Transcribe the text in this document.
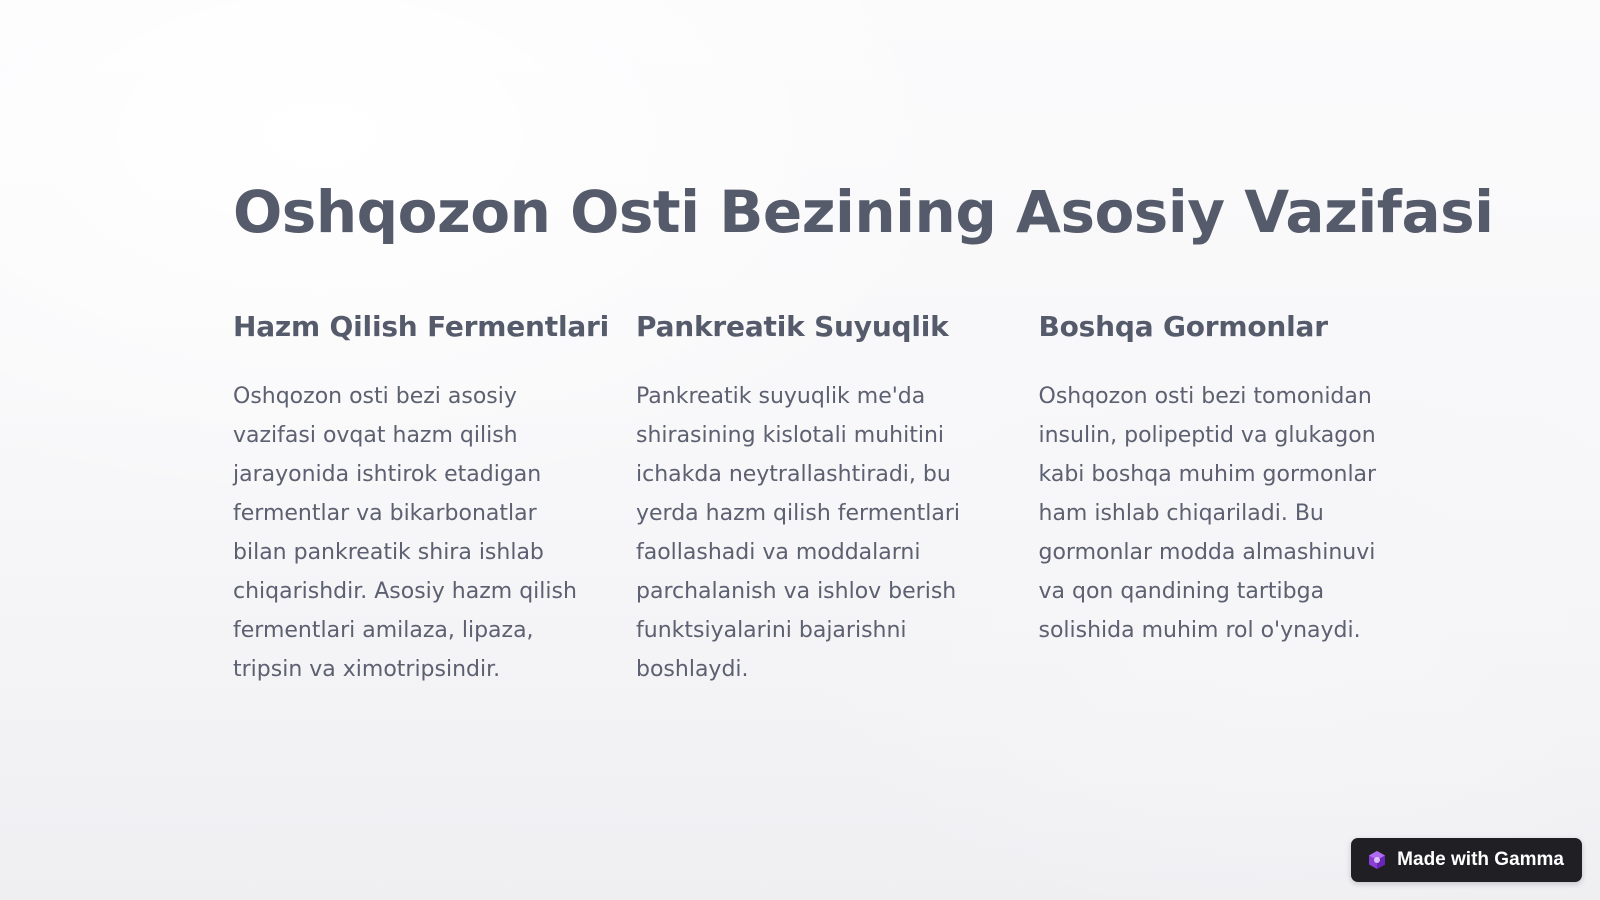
Oshqozon Osti Bezining Asosiy Vazifasi
Hazm Qilish Fermentlari

Oshqozon osti bezi asosiy vazifasi ovqat hazm qilish jarayonida ishtirok etadigan fermentlar va bikarbonatlar bilan pankreatik shira ishlab chiqarishdir. Asosiy hazm qilish fermentlari amilaza, lipaza, tripsin va ximotripsindir.

Pankreatik Suyuqlik

Pankreatik suyuqlik me'da shirasining kislotali muhitini ichakda neytrallashtiradi, bu yerda hazm qilish fermentlari faollashadi va moddalarni parchalanish va ishlov berish funktsiyalarini bajarishni boshlaydi.

Boshqa Gormonlar

Oshqozon osti bezi tomonidan insulin, polipeptid va glukagon kabi boshqa muhim gormonlar ham ishlab chiqariladi. Bu gormonlar modda almashinuvi va qon qandining tartibga solishida muhim rol o'ynaydi.

Made with Gamma
